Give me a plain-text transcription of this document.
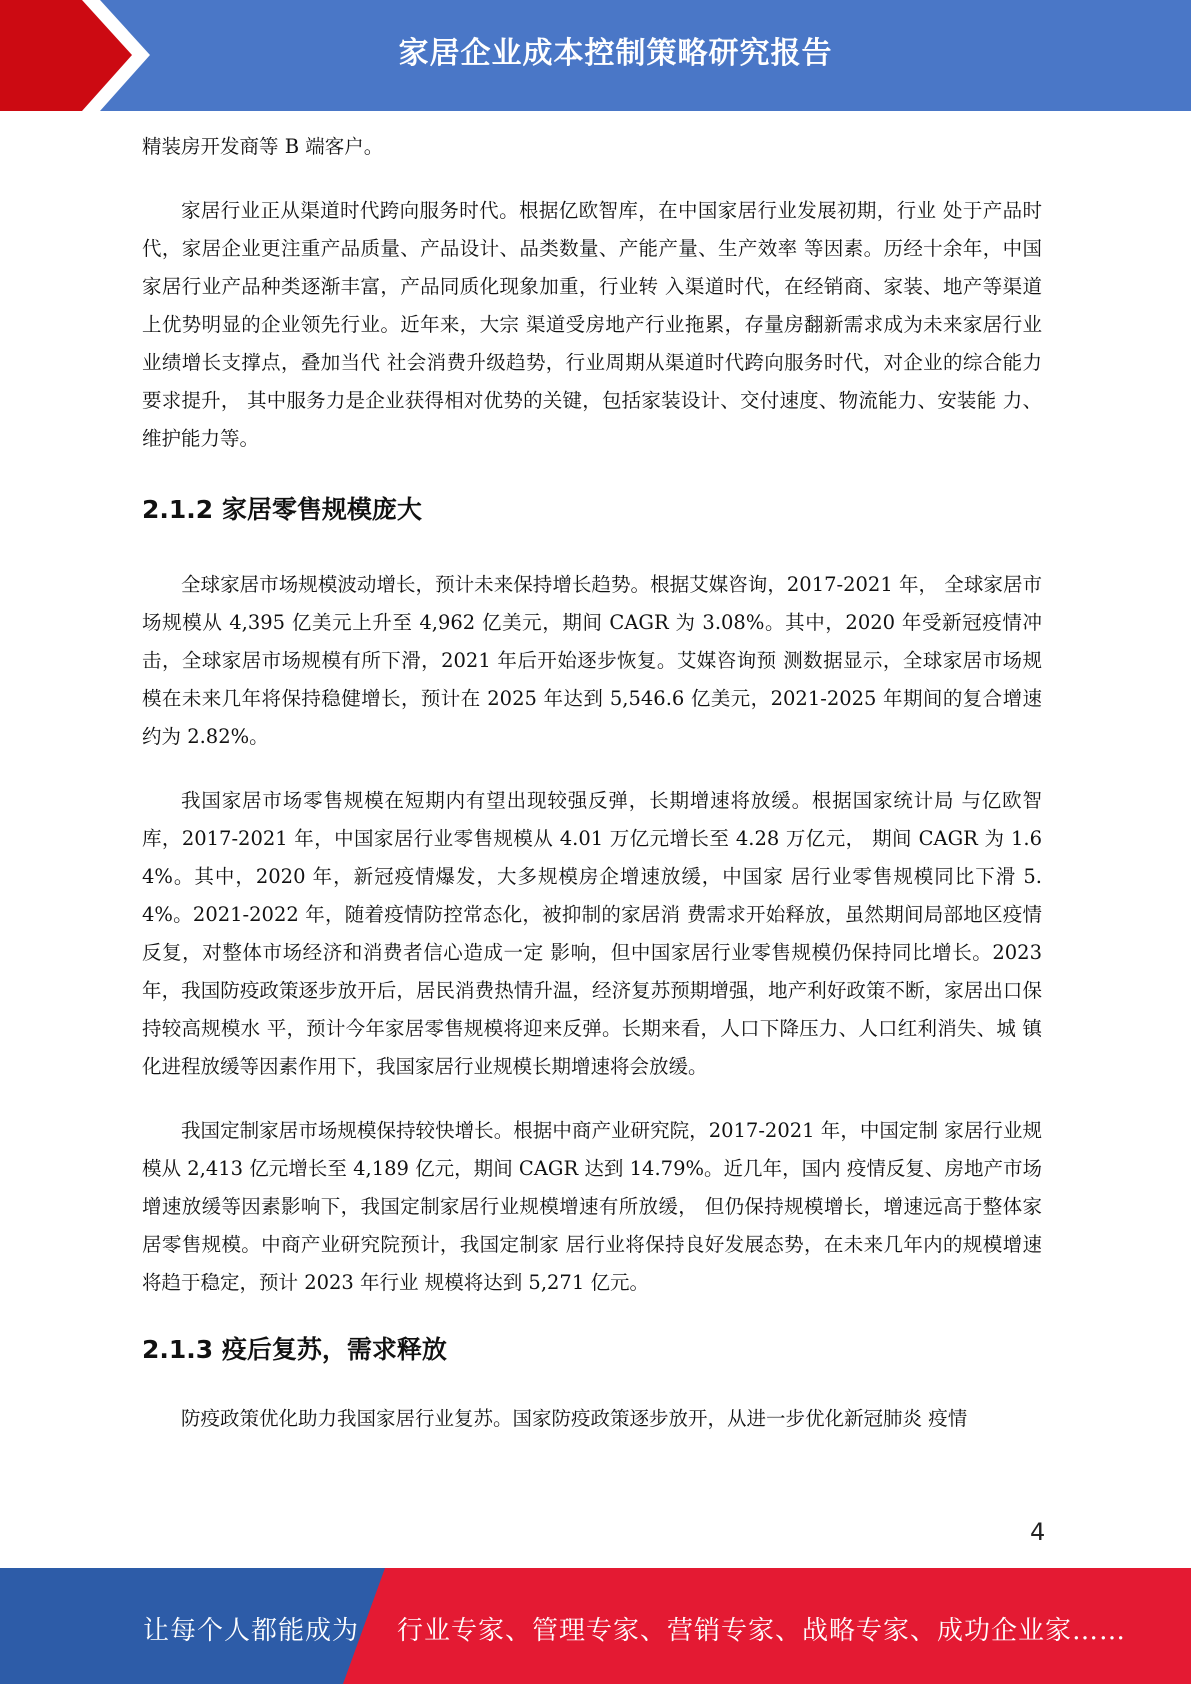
家居企业成本控制策略研究报告

精装房开发商等 B 端客户。

家居行业正从渠道时代跨向服务时代。根据亿欧智库，在中国家居行业发展初期，行业 处于产品时代，家居企业更注重产品质量、产品设计、品类数量、产能产量、生产效率 等因素。历经十余年，中国家居行业产品种类逐渐丰富，产品同质化现象加重，行业转 入渠道时代，在经销商、家装、地产等渠道上优势明显的企业领先行业。近年来，大宗 渠道受房地产行业拖累，存量房翻新需求成为未来家居行业业绩增长支撑点，叠加当代 社会消费升级趋势，行业周期从渠道时代跨向服务时代，对企业的综合能力要求提升， 其中服务力是企业获得相对优势的关键，包括家装设计、交付速度、物流能力、安装能 力、维护能力等。

2.1.2 家居零售规模庞大

全球家居市场规模波动增长，预计未来保持增长趋势。根据艾媒咨询，2017-2021 年， 全球家居市场规模从 4,395 亿美元上升至 4,962 亿美元，期间 CAGR 为 3.08%。其中，2020 年受新冠疫情冲击，全球家居市场规模有所下滑，2021 年后开始逐步恢复。艾媒咨询预 测数据显示，全球家居市场规模在未来几年将保持稳健增长，预计在 2025 年达到 5,546.6 亿美元，2021-2025 年期间的复合增速约为 2.82%。

我国家居市场零售规模在短期内有望出现较强反弹，长期增速将放缓。根据国家统计局 与亿欧智库，2017-2021 年，中国家居行业零售规模从 4.01 万亿元增长至 4.28 万亿元， 期间 CAGR 为 1.64%。其中，2020 年，新冠疫情爆发，大多规模房企增速放缓，中国家 居行业零售规模同比下滑 5.4%。2021-2022 年，随着疫情防控常态化，被抑制的家居消 费需求开始释放，虽然期间局部地区疫情反复，对整体市场经济和消费者信心造成一定 影响，但中国家居行业零售规模仍保持同比增长。2023 年，我国防疫政策逐步放开后，居民消费热情升温，经济复苏预期增强，地产利好政策不断，家居出口保持较高规模水 平，预计今年家居零售规模将迎来反弹。长期来看，人口下降压力、人口红利消失、城 镇化进程放缓等因素作用下，我国家居行业规模长期增速将会放缓。

我国定制家居市场规模保持较快增长。根据中商产业研究院，2017-2021 年，中国定制 家居行业规模从 2,413 亿元增长至 4,189 亿元，期间 CAGR 达到 14.79%。近几年，国内 疫情反复、房地产市场增速放缓等因素影响下，我国定制家居行业规模增速有所放缓， 但仍保持规模增长，增速远高于整体家居零售规模。中商产业研究院预计，我国定制家 居行业将保持良好发展态势，在未来几年内的规模增速将趋于稳定，预计 2023 年行业 规模将达到 5,271 亿元。

2.1.3 疫后复苏，需求释放

防疫政策优化助力我国家居行业复苏。国家防疫政策逐步放开，从进一步优化新冠肺炎 疫情

4
让每个人都能成为 行业专家、管理专家、营销专家、战略专家、成功企业家……
